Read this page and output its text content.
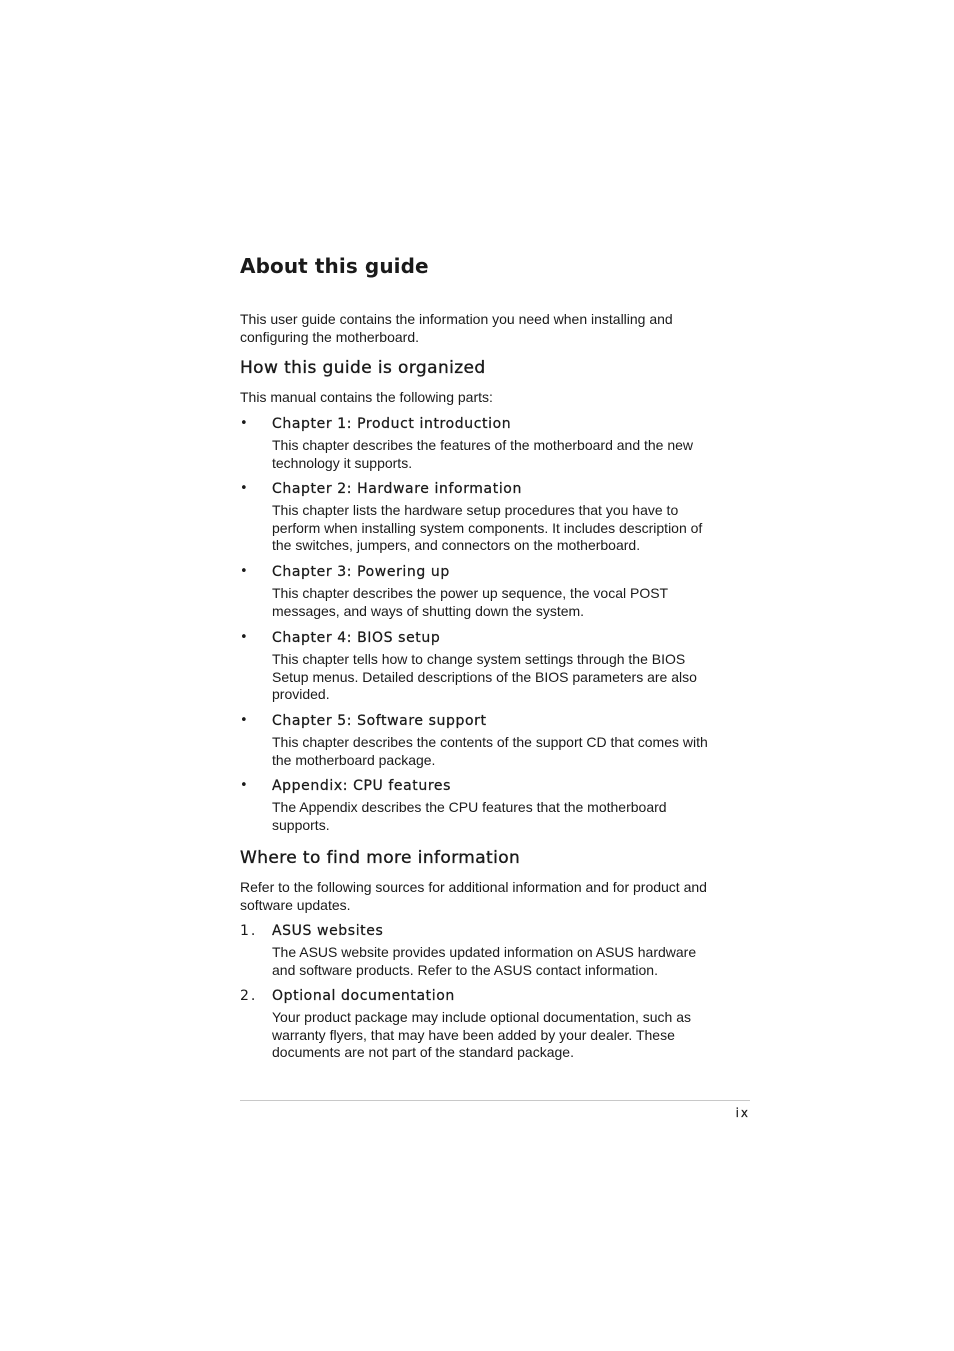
About this guide

This user guide contains the information you need when installing and configuring the motherboard.

How this guide is organized

This manual contains the following parts:

• Chapter 1: Product introduction

This chapter describes the features of the motherboard and the new technology it supports.

• Chapter 2: Hardware information

This chapter lists the hardware setup procedures that you have to perform when installing system components. It includes description of the switches, jumpers, and connectors on the motherboard.

• Chapter 3: Powering up

This chapter describes the power up sequence, the vocal POST messages, and ways of shutting down the system.

• Chapter 4: BIOS setup

This chapter tells how to change system settings through the BIOS Setup menus. Detailed descriptions of the BIOS parameters are also provided.

• Chapter 5: Software support

This chapter describes the contents of the support CD that comes with the motherboard package.

• Appendix: CPU features

The Appendix describes the CPU features that the motherboard supports.

Where to find more information

Refer to the following sources for additional information and for product and software updates.

1. ASUS websites

The ASUS website provides updated information on ASUS hardware and software products. Refer to the ASUS contact information.

2. Optional documentation

Your product package may include optional documentation, such as warranty flyers, that may have been added by your dealer. These documents are not part of the standard package.

ix
